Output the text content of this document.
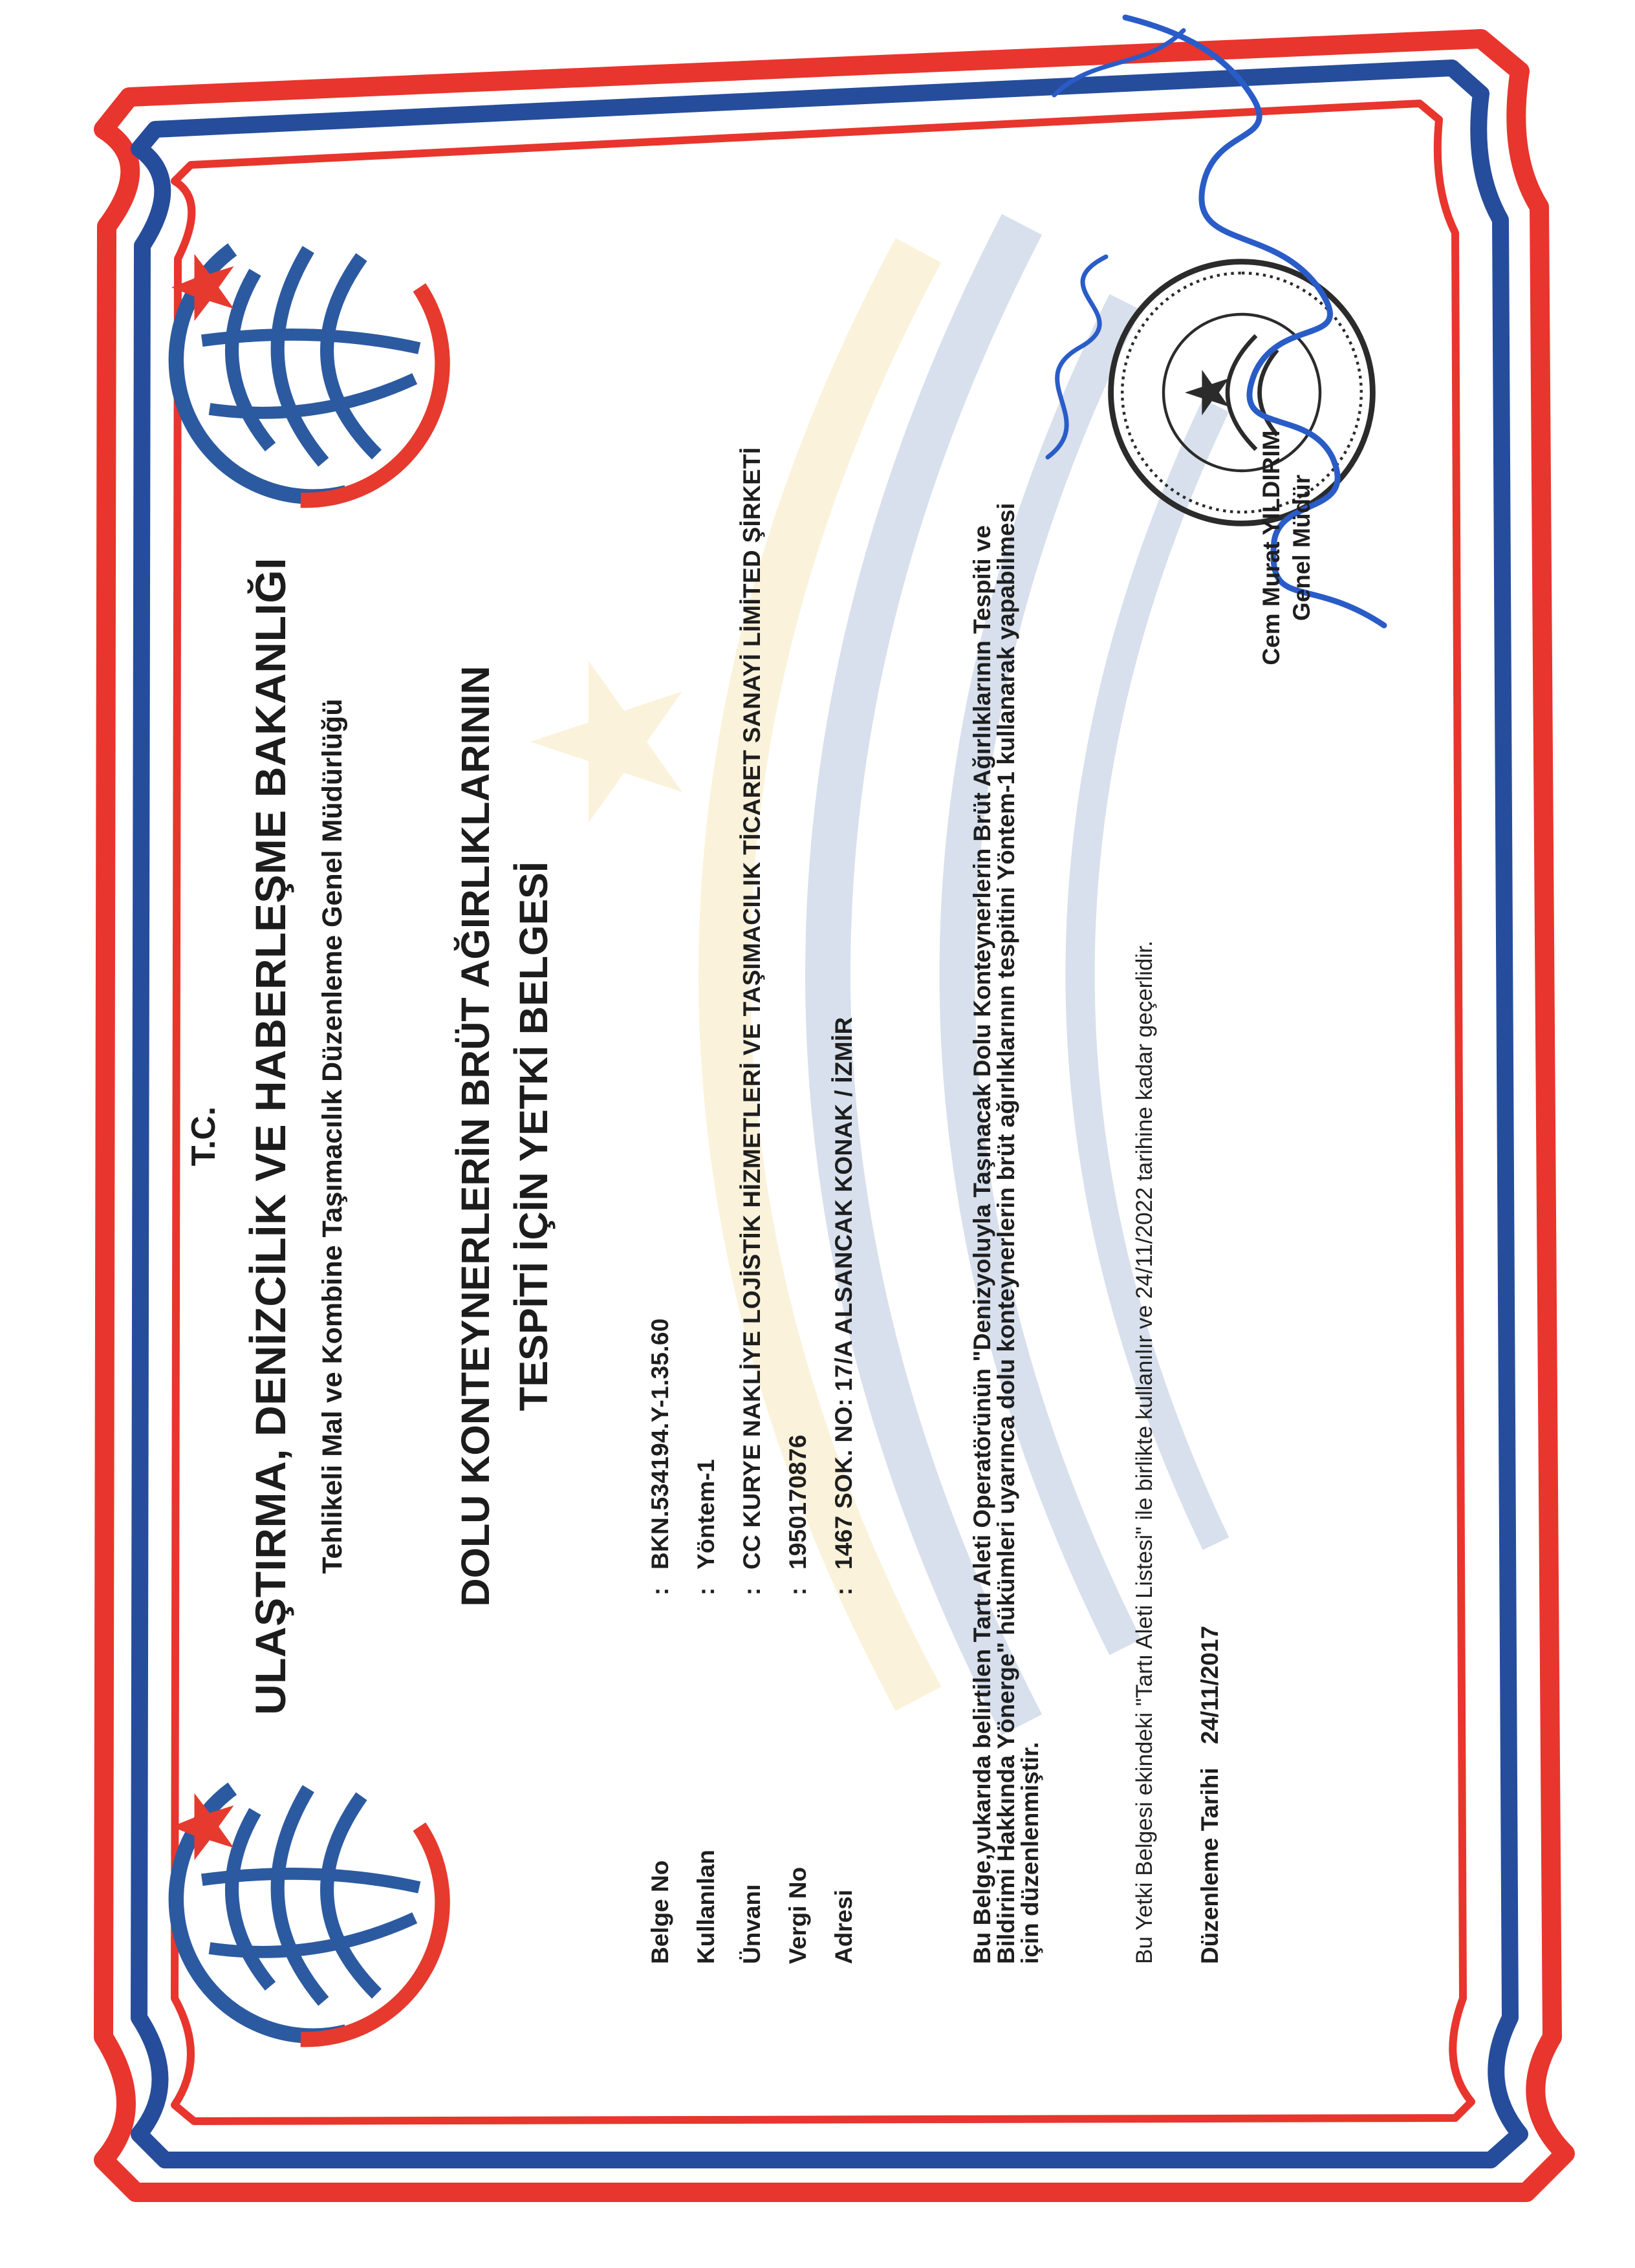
T.C. ULAŞTIRMA, DENİZCİLİK VE HABERLEŞME BAKANLIĞI Tehlikeli Mal ve Kombine Taşımacılık Düzenleme Genel Müdürlüğü	DOLU KONTEYNERLERİN BRÜT AĞIRLIKLARININ TESPİTİ İÇİN YETKİ BELGESİ
Belge No
:
BKN.534194.Y-1.35.60
Kullanılan
:
Yöntem-1
Ünvanı
:
CC KURYE NAKLİYE LOJİSTİK HİZMETLERİ VE TAŞIMACILIK TİCARET SANAYİ LİMİTED ŞİRKETİ
Vergi No
:
1950170876
Adresi
:
1467 SOK. NO: 17/A ALSANCAK KONAK / İZMİR	Bu Belge,yukarıda belirtilen Tartı Aleti Operatörünün "Denizyoluyla Taşınacak Dolu Konteynerlerin Brüt Ağırlıklarının Tespiti ve
Bildirimi Hakkında Yönerge" hükümleri uyarınca dolu konteynerlerin brüt ağırlıklarının tespitini Yöntem-1 kullanarak yapabilmesi
için düzenlenmiştir.	Bu Yetki Belgesi ekindeki "Tartı Aleti Listesi" ile birlikte kullanılır ve 24/11/2022 tarihine kadar geçerlidir. Düzenleme Tarihi
24/11/2017
Cem Murat YILDIRIM Genel Müdür
